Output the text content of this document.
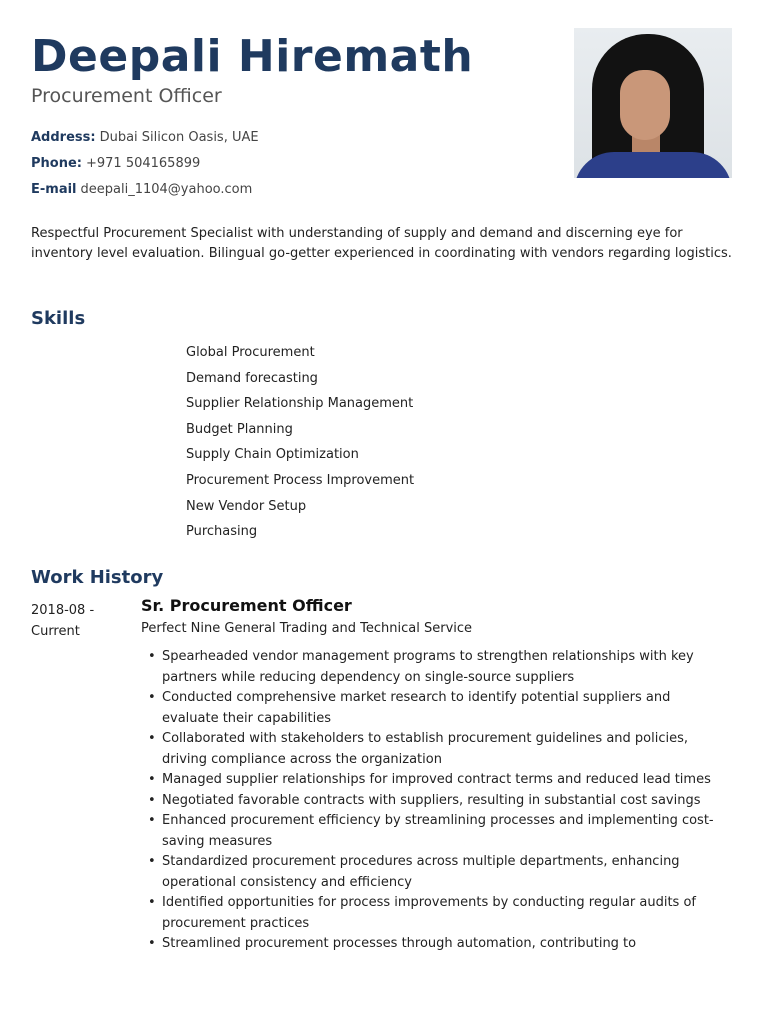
Deepali Hiremath
Procurement Officer
Address: Dubai Silicon Oasis, UAE
Phone: +971 504165899
E-mail deepali_1104@yahoo.com
Respectful Procurement Specialist with understanding of supply and demand and discerning eye for inventory level evaluation. Bilingual go-getter experienced in coordinating with vendors regarding logistics.
Skills
Global Procurement
Demand forecasting
Supplier Relationship Management
Budget Planning
Supply Chain Optimization
Procurement Process Improvement
New Vendor Setup
Purchasing
Work History
2018-08 - Current
Sr. Procurement Officer
Perfect Nine General Trading and Technical Service
• Spearheaded vendor management programs to strengthen relationships with key partners while reducing dependency on single-source suppliers
• Conducted comprehensive market research to identify potential suppliers and evaluate their capabilities
• Collaborated with stakeholders to establish procurement guidelines and policies, driving compliance across the organization
• Managed supplier relationships for improved contract terms and reduced lead times
• Negotiated favorable contracts with suppliers, resulting in substantial cost savings
• Enhanced procurement efficiency by streamlining processes and implementing cost-saving measures
• Standardized procurement procedures across multiple departments, enhancing operational consistency and efficiency
• Identified opportunities for process improvements by conducting regular audits of procurement practices
• Streamlined procurement processes through automation, contributing to
